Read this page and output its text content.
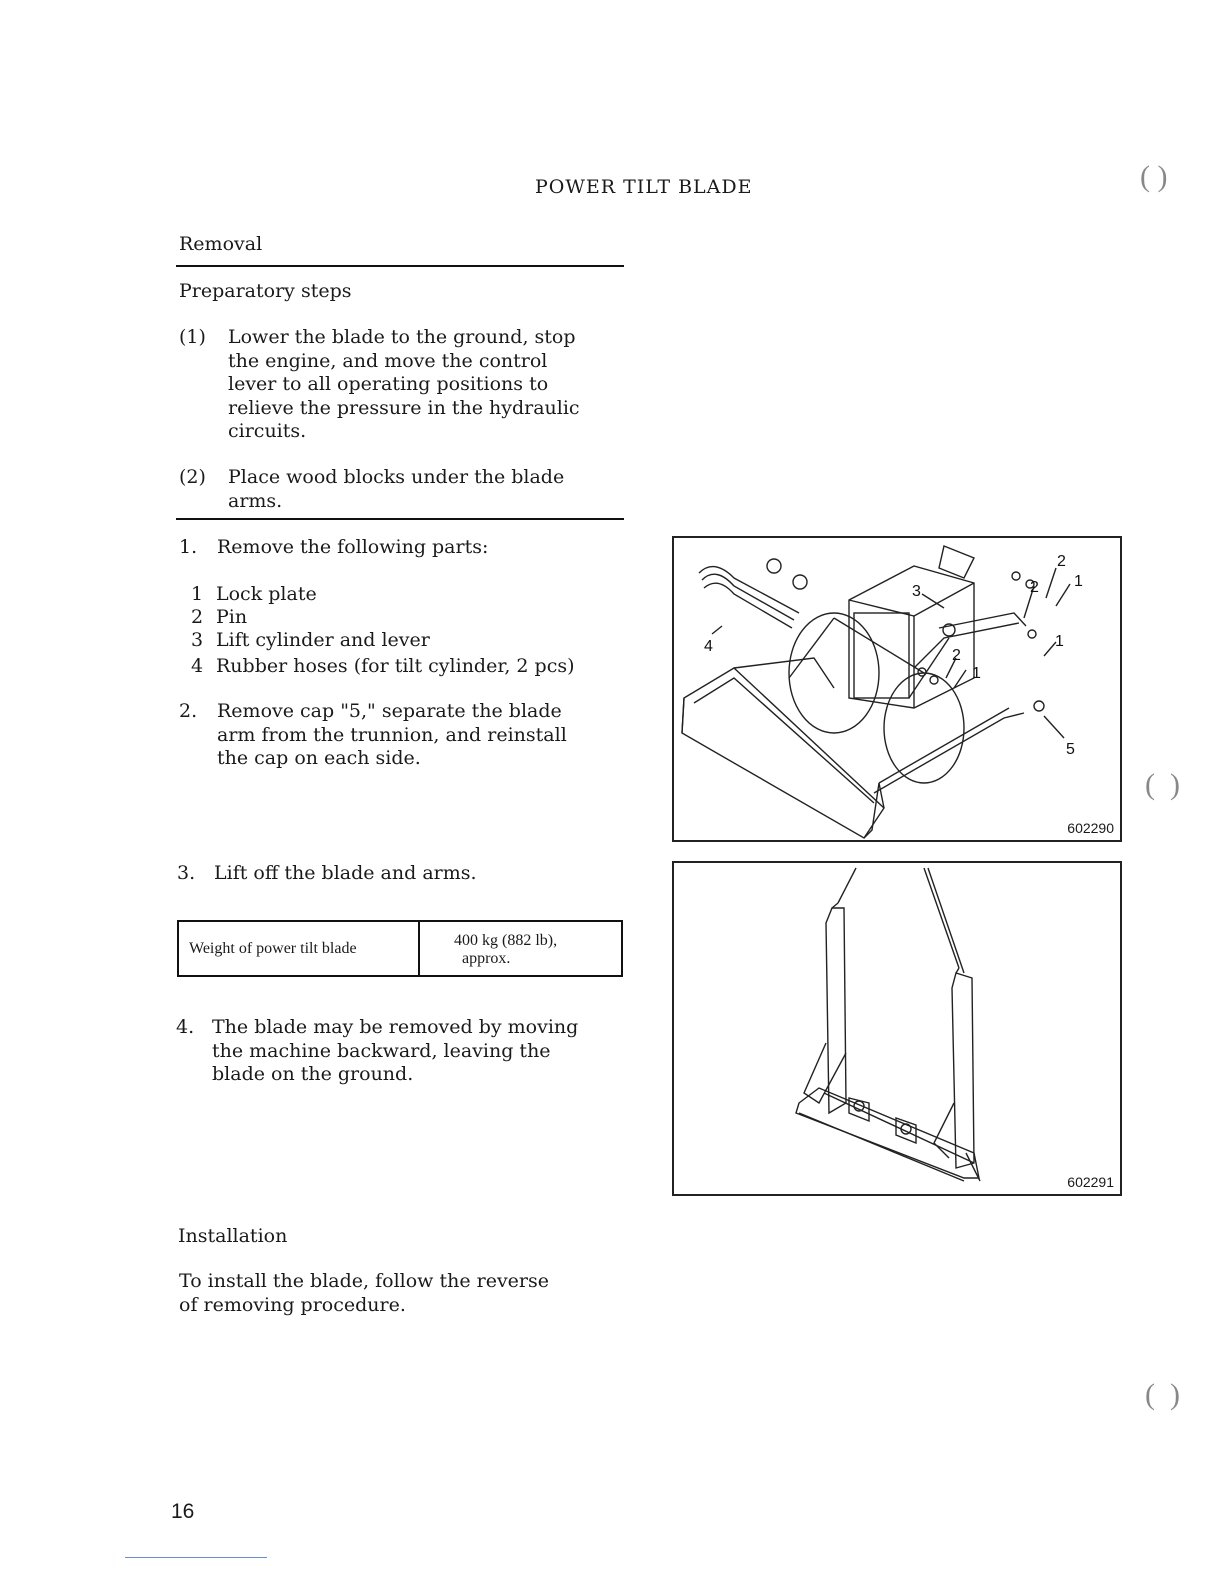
POWER TILT BLADE
Removal
Preparatory steps
(1) Lower the blade to the ground, stop
the engine, and move the control
lever to all operating positions to
relieve the pressure in the hydraulic
circuits.
(2) Place wood blocks under the blade
arms.
1. Remove the following parts:
1 Lock plate
2 Pin
3 Lift cylinder and lever
4 Rubber hoses (for tilt cylinder, 2 pcs)
2. Remove cap "5," separate the blade
arm from the trunnion, and reinstall
the cap on each side.
3. Lift off the blade and arms.
Weight of power tilt blade	400 kg (882 lb),
approx.
4. The blade may be removed by moving
the machine backward, leaving the
blade on the ground.
Installation
To install the blade, follow the reverse
of removing procedure.
2
1
3	2
1
4
2
1
5
602290
602291
( )
(  )
(  )
16
